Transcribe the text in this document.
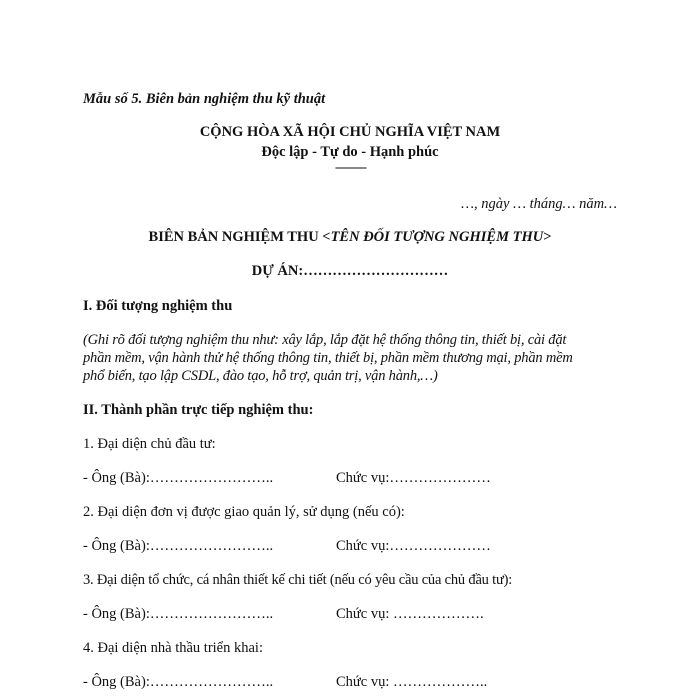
Mẫu số 5. Biên bản nghiệm thu kỹ thuật
CỘNG HÒA XÃ HỘI CHỦ NGHĨA VIỆT NAM
Độc lập - Tự do - Hạnh phúc
---------------
…, ngày … tháng… năm…
BIÊN BẢN NGHIỆM THU <TÊN ĐỐI TƯỢNG NGHIỆM THU>
DỰ ÁN:…………………………
I. Đối tượng nghiệm thu
(Ghi rõ đối tượng nghiệm thu như: xây lắp, lắp đặt hệ thống thông tin, thiết bị, cài đặt
phần mềm, vận hành thử hệ thống thông tin, thiết bị, phần mềm thương mại, phần mềm
phổ biến, tạo lập CSDL, đào tạo, hỗ trợ, quản trị, vận hành,…)
II. Thành phần trực tiếp nghiệm thu:
1. Đại diện chủ đầu tư:
- Ông (Bà):……………………..	Chức vụ:…………………
2. Đại diện đơn vị được giao quản lý, sử dụng (nếu có):
- Ông (Bà):……………………..	Chức vụ:…………………
3. Đại diện tổ chức, cá nhân thiết kế chi tiết (nếu có yêu cầu của chủ đầu tư):
- Ông (Bà):……………………..	Chức vụ: ……………….
4. Đại diện nhà thầu triển khai:
- Ông (Bà):……………………..	Chức vụ: ………………..
